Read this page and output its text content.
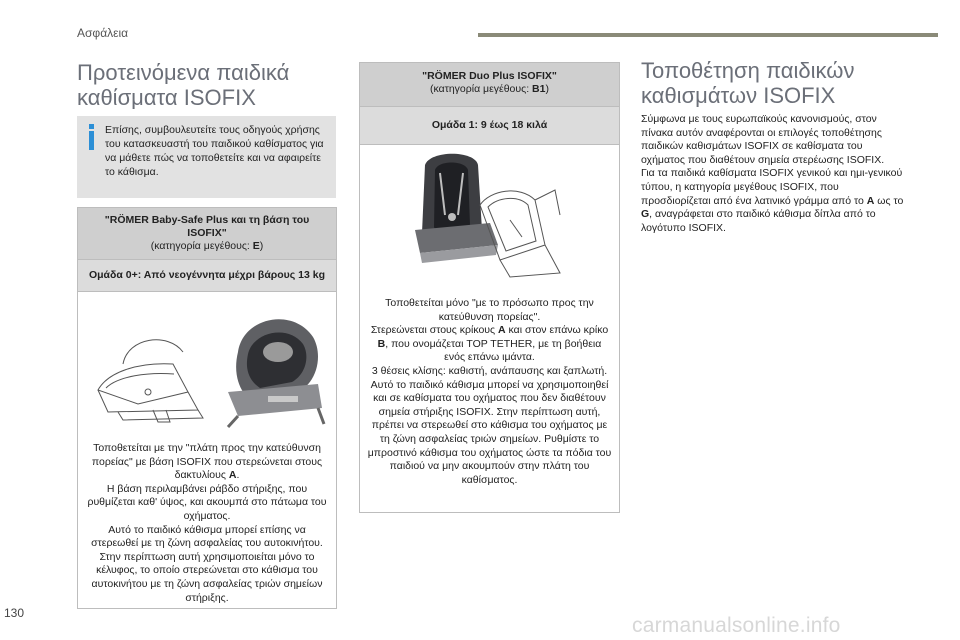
Ασφάλεια
Προτεινόμενα παιδικά καθίσματα ISOFIX
Επίσης, συμβουλευτείτε τους οδηγούς χρήσης του κατασκευαστή του παιδικού καθίσματος για να μάθετε πώς να τοποθετείτε και να αφαιρείτε το κάθισμα.
"RÖMER Baby-Safe Plus και τη βάση του ISOFIX"
(κατηγορία μεγέθους: E)
Ομάδα 0+: Από νεογέννητα μέχρι βάρους 13 kg
Τοποθετείται με την "πλάτη προς την κατεύθυνση πορείας" με βάση ISOFIX που στερεώνεται στους δακτυλίους A.
Η βάση περιλαμβάνει ράβδο στήριξης, που ρυθμίζεται καθ' ύψος, και ακουμπά στο πάτωμα του οχήματος.
Αυτό το παιδικό κάθισμα μπορεί επίσης να στερεωθεί με τη ζώνη ασφαλείας του αυτοκινήτου. Στην περίπτωση αυτή χρησιμοποιείται μόνο το κέλυφος, το οποίο στερεώνεται στο κάθισμα του αυτοκινήτου με τη ζώνη ασφαλείας τριών σημείων στήριξης.
"RÖMER Duo Plus ISOFIX"
(κατηγορία μεγέθους: B1)
Ομάδα 1: 9 έως 18 κιλά
Τοποθετείται μόνο "με το πρόσωπο προς την κατεύθυνση πορείας".
Στερεώνεται στους κρίκους A και στον επάνω κρίκο B, που ονομάζεται TOP TETHER, με τη βοήθεια ενός επάνω ιμάντα.
3 θέσεις κλίσης: καθιστή, ανάπαυσης και ξαπλωτή.
Αυτό το παιδικό κάθισμα μπορεί να χρησιμοποιηθεί και σε καθίσματα του οχήματος που δεν διαθέτουν σημεία στήριξης ISOFIX. Στην περίπτωση αυτή, πρέπει να στερεωθεί στο κάθισμα του οχήματος με τη ζώνη ασφαλείας τριών σημείων. Ρυθμίστε το μπροστινό κάθισμα του οχήματος ώστε τα πόδια του παιδιού να μην ακουμπούν στην πλάτη του καθίσματος.
Τοποθέτηση παιδικών καθισμάτων ISOFIX
Σύμφωνα με τους ευρωπαϊκούς κανονισμούς, στον πίνακα αυτόν αναφέρονται οι επιλογές τοποθέτησης παιδικών καθισμάτων ISOFIX σε καθίσματα του οχήματος που διαθέτουν σημεία στερέωσης ISOFIX.
Για τα παιδικά καθίσματα ISOFIX γενικού και ημι-γενικού τύπου, η κατηγορία μεγέθους ISOFIX, που προσδιορίζεται από ένα λατινικό γράμμα από το A ως το G, αναγράφεται στο παιδικό κάθισμα δίπλα από το λογότυπο ISOFIX.
130
carmanualsonline.info
